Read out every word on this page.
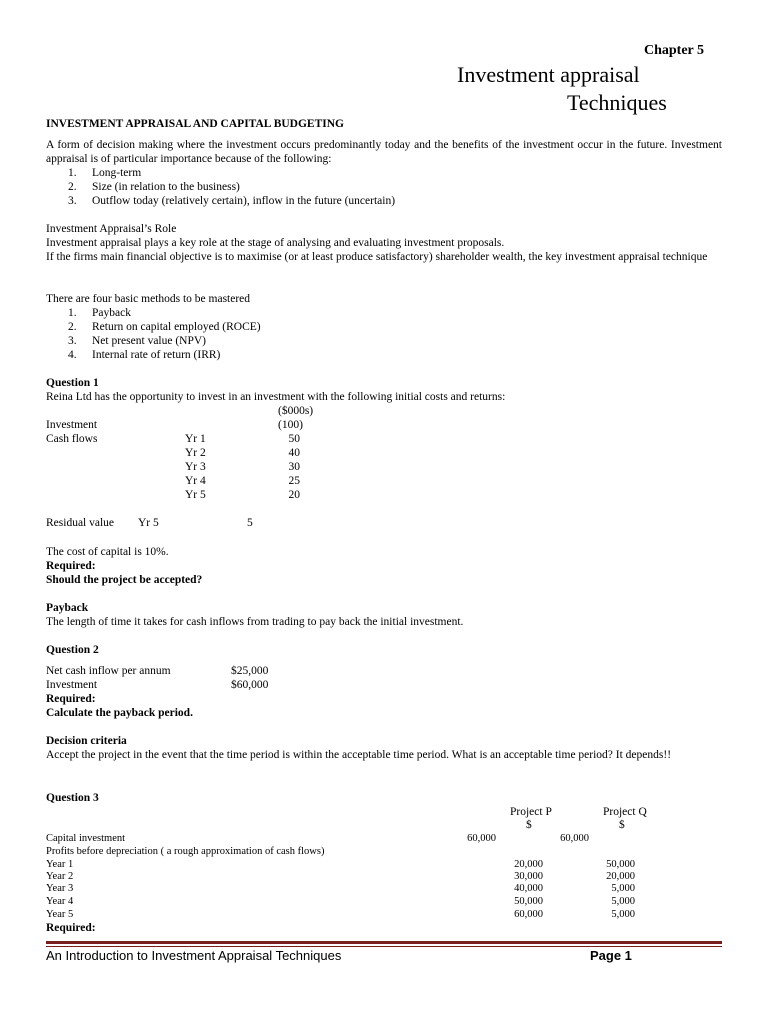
Chapter 5
Investment appraisal
Techniques
INVESTMENT APPRAISAL AND CAPITAL BUDGETING
A form of decision making where the investment occurs predominantly today and the benefits of the investment occur in the future. Investment appraisal is of particular importance because of the following:
1. Long-term
2. Size (in relation to the business)
3. Outflow today (relatively certain), inflow in the future (uncertain)
Investment Appraisal’s Role
Investment appraisal plays a key role at the stage of analysing and evaluating investment proposals.
If the firms main financial objective is to maximise (or at least produce satisfactory) shareholder wealth, the key investment appraisal technique
There are four basic methods to be mastered
1. Payback
2. Return on capital employed (ROCE)
3. Net present value (NPV)
4. Internal rate of return (IRR)
Question 1
Reina Ltd has the opportunity to invest in an investment with the following initial costs and returns:
($000s)
Investment	(100)
Cash flows	Yr 1	50
Yr 2	40
Yr 3	30
Yr 4	25
Yr 5	20
Residual value Yr 5	5
The cost of capital is 10%.
Required:
Should the project be accepted?
Payback
The length of time it takes for cash inflows from trading to pay back the initial investment.
Question 2
Net cash inflow per annum	$25,000
Investment	$60,000
Required:
Calculate the payback period.
Decision criteria
Accept the project in the event that the time period is within the acceptable time period. What is an acceptable time period? It depends!!
Question 3
Project P	Project Q
$	$
Capital investment	60,000	60,000
Profits before depreciation ( a rough approximation of cash flows)
Year 1	20,000	50,000
Year 2	30,000	20,000
Year 3	40,000	5,000
Year 4	50,000	5,000
Year 5	60,000	5,000
Required:
An Introduction to Investment Appraisal Techniques	Page 1
